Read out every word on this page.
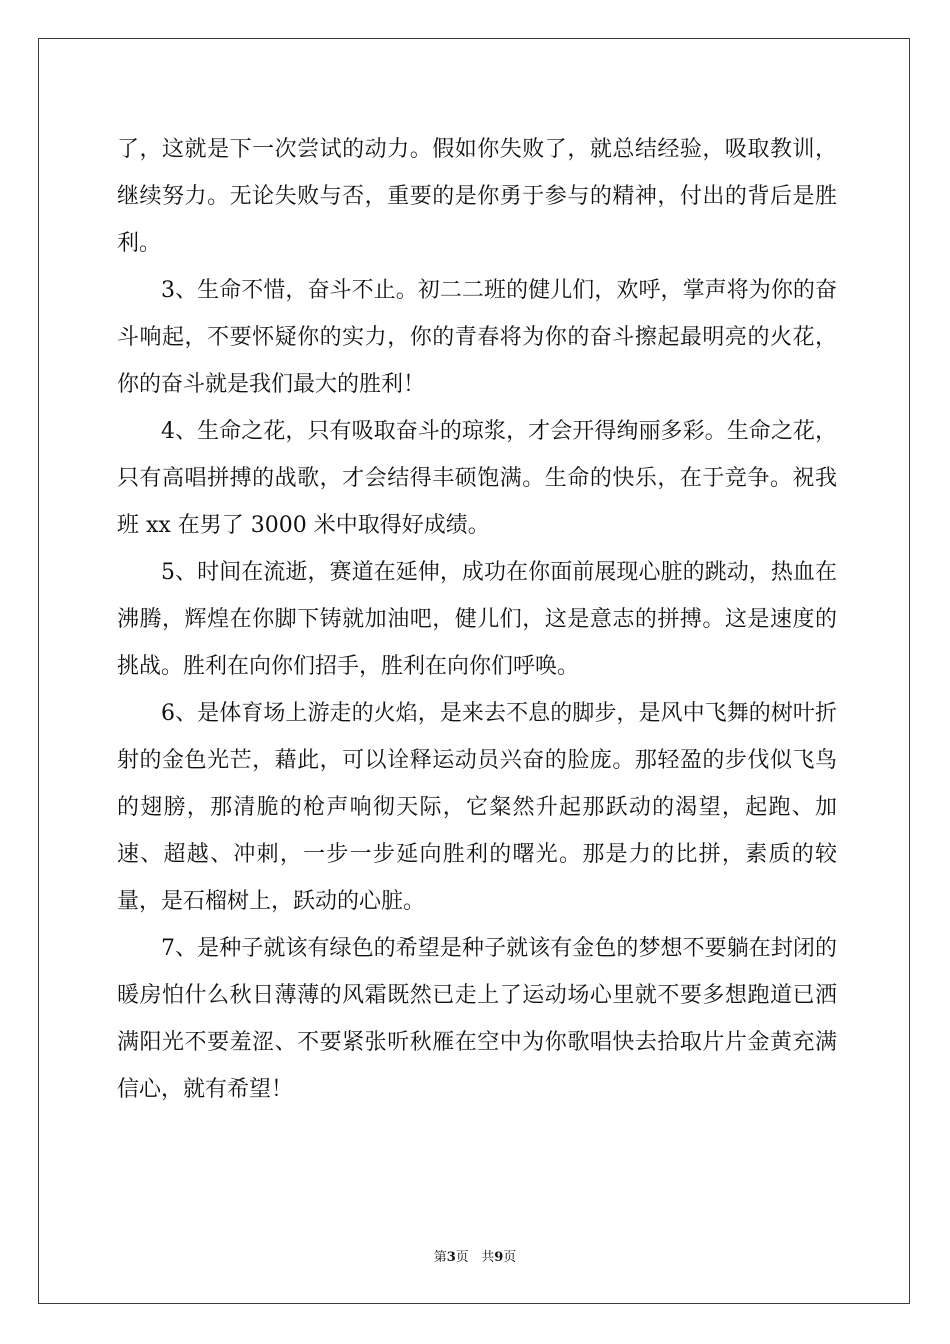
了，这就是下一次尝试的动力。假如你失败了，就总结经验，吸取教训，继续努力。无论失败与否，重要的是你勇于参与的精神，付出的背后是胜利。

3、生命不惜，奋斗不止。初二二班的健儿们，欢呼，掌声将为你的奋斗响起，不要怀疑你的实力，你的青春将为你的奋斗擦起最明亮的火花，你的奋斗就是我们最大的胜利！

4、生命之花，只有吸取奋斗的琼浆，才会开得绚丽多彩。生命之花，只有高唱拼搏的战歌，才会结得丰硕饱满。生命的快乐，在于竞争。祝我班 xx 在男了 3000 米中取得好成绩。

5、时间在流逝，赛道在延伸，成功在你面前展现心脏的跳动，热血在沸腾，辉煌在你脚下铸就加油吧，健儿们，这是意志的拼搏。这是速度的挑战。胜利在向你们招手，胜利在向你们呼唤。

6、是体育场上游走的火焰，是来去不息的脚步，是风中飞舞的树叶折射的金色光芒，藉此，可以诠释运动员兴奋的脸庞。那轻盈的步伐似飞鸟的翅膀，那清脆的枪声响彻天际，它粲然升起那跃动的渴望，起跑、加速、超越、冲刺，一步一步延向胜利的曙光。那是力的比拼，素质的较量，是石榴树上，跃动的心脏。

7、是种子就该有绿色的希望是种子就该有金色的梦想不要躺在封闭的暖房怕什么秋日薄薄的风霜既然已走上了运动场心里就不要多想跑道已洒满阳光不要羞涩、不要紧张听秋雁在空中为你歌唱快去拾取片片金黄充满信心，就有希望！

第3页 共9页
